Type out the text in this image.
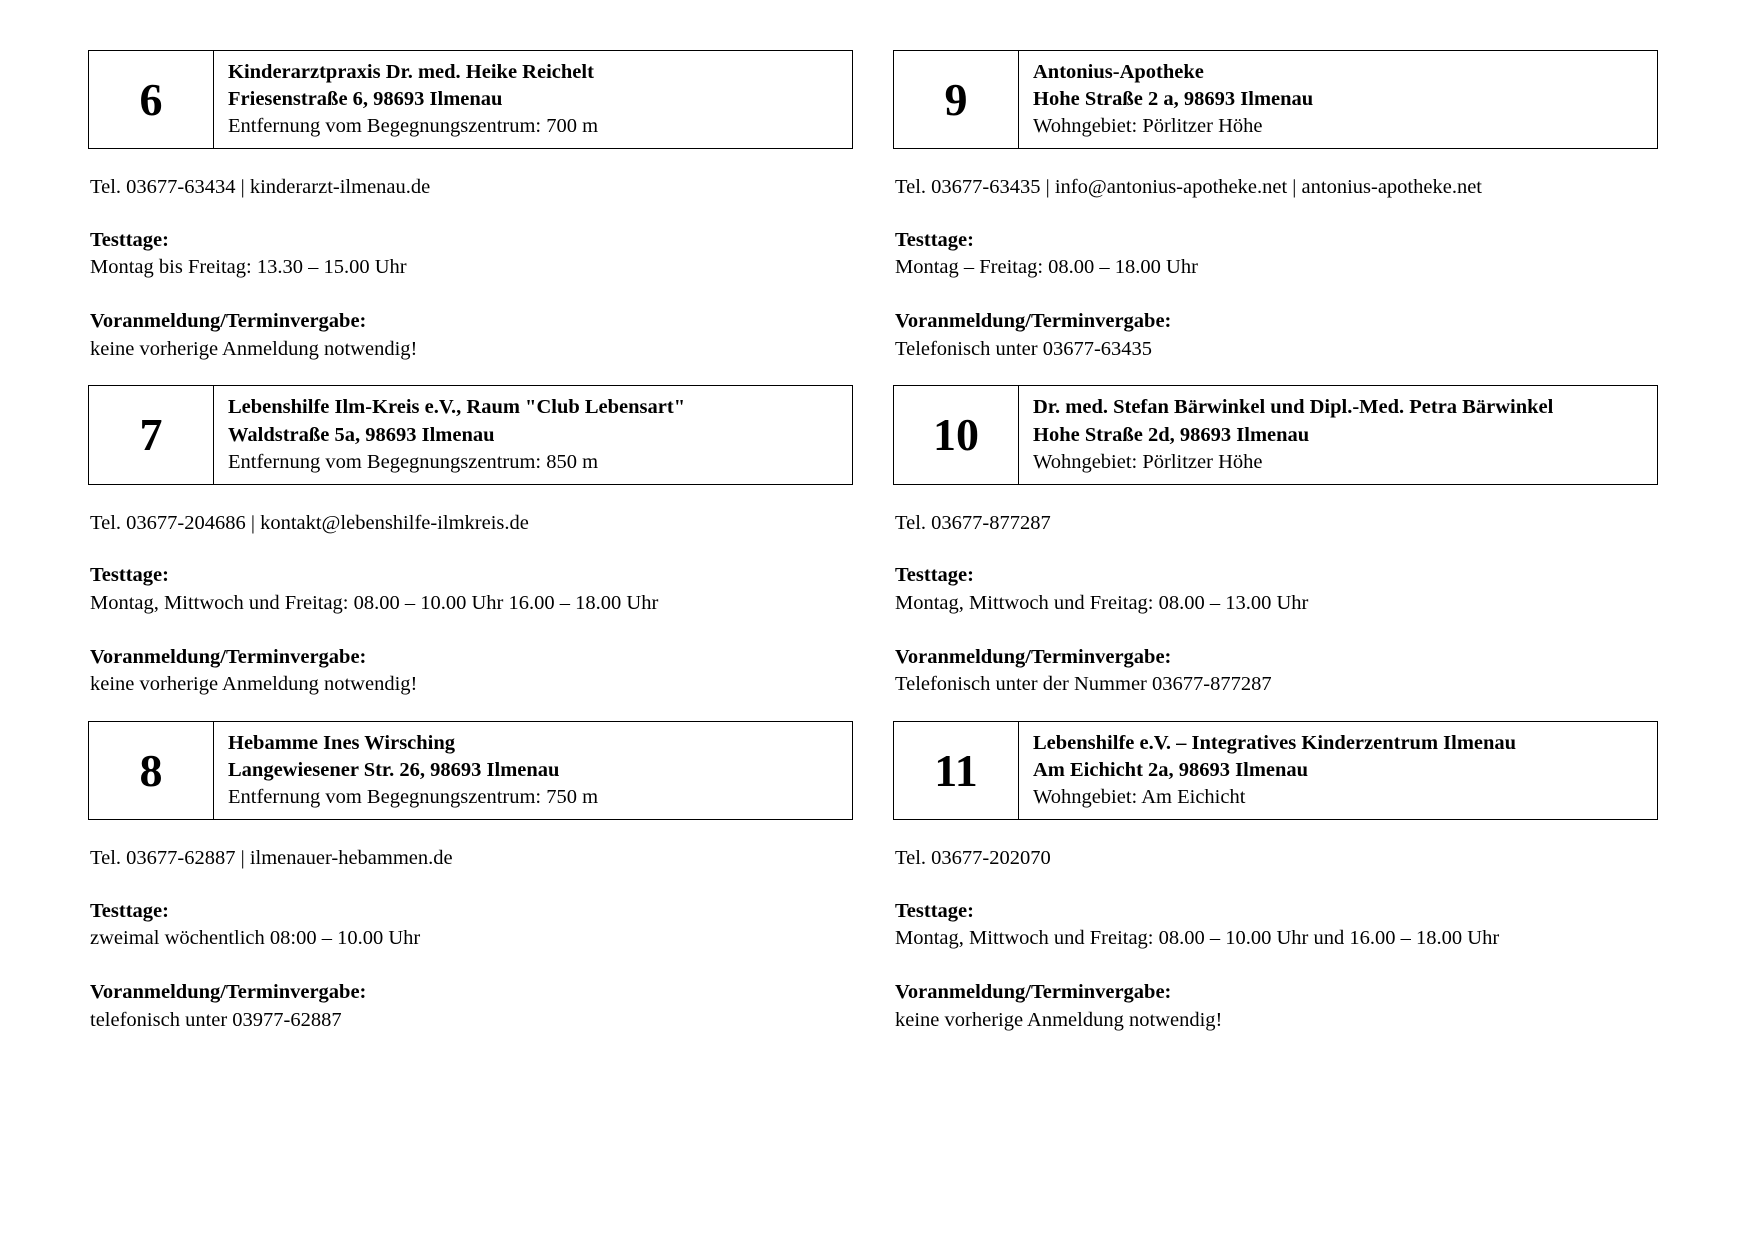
6
Kinderarztpraxis Dr. med. Heike Reichelt
Friesenstraße 6, 98693 Ilmenau
Entfernung vom Begegnungszentrum: 700 m
Tel. 03677-63434 | kinderarzt-ilmenau.de
Testtage:
Montag bis Freitag: 13.30 – 15.00 Uhr
Voranmeldung/Terminvergabe:
keine vorherige Anmeldung notwendig!
7
Lebenshilfe Ilm-Kreis e.V., Raum "Club Lebensart"
Waldstraße 5a, 98693 Ilmenau
Entfernung vom Begegnungszentrum: 850 m
Tel. 03677-204686 | kontakt@lebenshilfe-ilmkreis.de
Testtage:
Montag, Mittwoch und Freitag: 08.00 – 10.00 Uhr 16.00 – 18.00 Uhr
Voranmeldung/Terminvergabe:
keine vorherige Anmeldung notwendig!
8
Hebamme Ines Wirsching
Langewiesener Str. 26, 98693 Ilmenau
Entfernung vom Begegnungszentrum: 750 m
Tel. 03677-62887 | ilmenauer-hebammen.de
Testtage:
zweimal wöchentlich 08:00 – 10.00 Uhr
Voranmeldung/Terminvergabe:
telefonisch unter 03977-62887
9
Antonius-Apotheke
Hohe Straße 2 a, 98693 Ilmenau
Wohngebiet: Pörlitzer Höhe
Tel. 03677-63435 | info@antonius-apotheke.net | antonius-apotheke.net
Testtage:
Montag – Freitag: 08.00 – 18.00 Uhr
Voranmeldung/Terminvergabe:
Telefonisch unter 03677-63435
10
Dr. med. Stefan Bärwinkel und Dipl.-Med. Petra Bärwinkel
Hohe Straße 2d, 98693 Ilmenau
Wohngebiet: Pörlitzer Höhe
Tel. 03677-877287
Testtage:
Montag, Mittwoch und Freitag: 08.00 – 13.00 Uhr
Voranmeldung/Terminvergabe:
Telefonisch unter der Nummer 03677-877287
11
Lebenshilfe e.V. – Integratives Kinderzentrum Ilmenau
Am Eichicht 2a, 98693 Ilmenau
Wohngebiet: Am Eichicht
Tel. 03677-202070
Testtage:
Montag, Mittwoch und Freitag: 08.00 – 10.00 Uhr und 16.00 – 18.00 Uhr
Voranmeldung/Terminvergabe:
keine vorherige Anmeldung notwendig!
